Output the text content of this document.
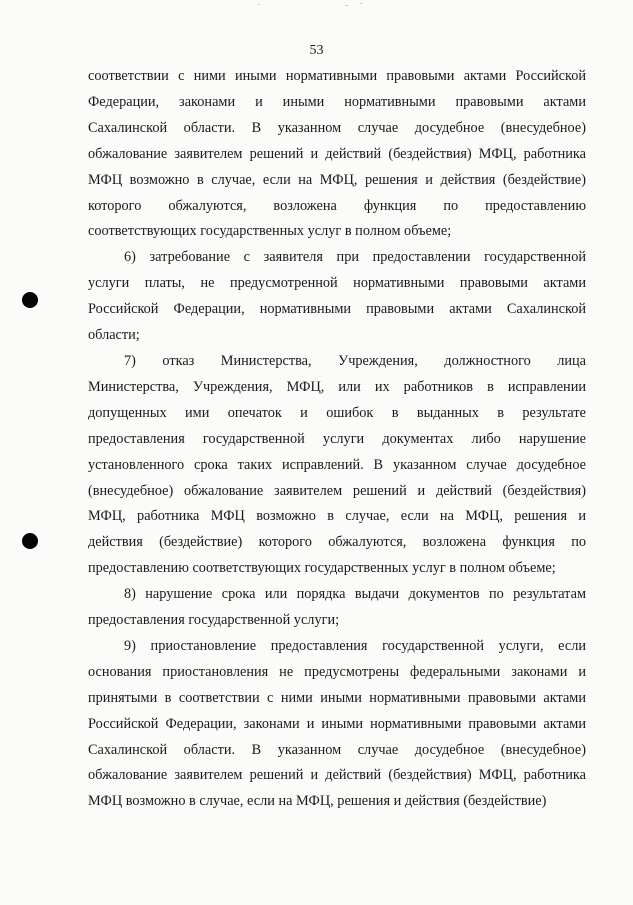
53
соответствии с ними иными нормативными правовыми актами Российской
Федерации, законами и иными нормативными правовыми актами
Сахалинской области. В указанном случае досудебное (внесудебное)
обжалование заявителем решений и действий (бездействия) МФЦ, работника
МФЦ возможно в случае, если на МФЦ, решения и действия (бездействие)
которого обжалуются, возложена функция по предоставлению
соответствующих государственных услуг в полном объеме;
6) затребование с заявителя при предоставлении государственной
услуги платы, не предусмотренной нормативными правовыми актами
Российской Федерации, нормативными правовыми актами Сахалинской
области;
7) отказ Министерства, Учреждения, должностного лица
Министерства, Учреждения, МФЦ, или их работников в исправлении
допущенных ими опечаток и ошибок в выданных в результате
предоставления государственной услуги документах либо нарушение
установленного срока таких исправлений. В указанном случае досудебное
(внесудебное) обжалование заявителем решений и действий (бездействия)
МФЦ, работника МФЦ возможно в случае, если на МФЦ, решения и
действия (бездействие) которого обжалуются, возложена функция по
предоставлению соответствующих государственных услуг в полном объеме;
8) нарушение срока или порядка выдачи документов по результатам
предоставления государственной услуги;
9) приостановление предоставления государственной услуги, если
основания приостановления не предусмотрены федеральными законами и
принятыми в соответствии с ними иными нормативными правовыми актами
Российской Федерации, законами и иными нормативными правовыми актами
Сахалинской области. В указанном случае досудебное (внесудебное)
обжалование заявителем решений и действий (бездействия) МФЦ, работника
МФЦ возможно в случае, если на МФЦ, решения и действия (бездействие)
